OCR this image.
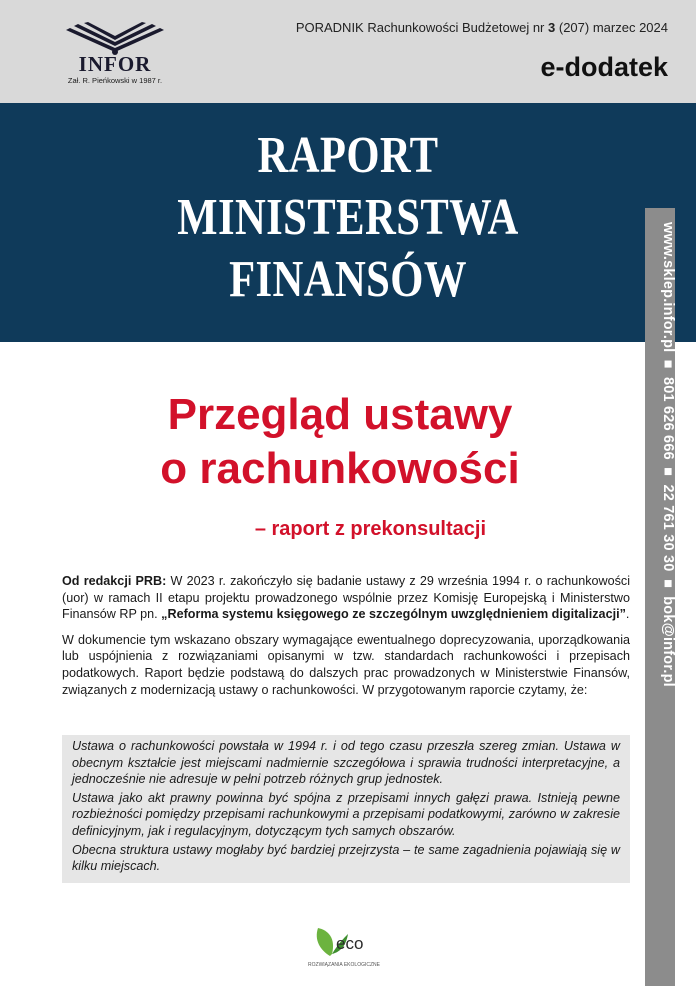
INFOR
Zał. R. Pieńkowski w 1987 r.
PORADNIK Rachunkowości Budżetowej nr 3 (207) marzec 2024
e-dodatek
RAPORT
MINISTERSTWA
FINANSÓW	www.sklep.infor.pl ■ 801 626 666 ■ 22 761 30 30 ■ bok@infor.pl
Przegląd ustawy
o rachunkowości
– raport z prekonsultacji

Od redakcji PRB: W 2023 r. zakończyło się badanie ustawy z 29 września 1994 r. o rachunkowości (uor) w ramach II etapu projektu prowadzonego wspólnie przez Komisję Europejską i Ministerstwo Finansów RP pn. „Reforma systemu księgowego ze szczególnym uwzględnieniem digitalizacji”.

W dokumencie tym wskazano obszary wymagające ewentualnego doprecyzowania, uporządkowania lub uspójnienia z rozwiązaniami opisanymi w tzw. standardach rachunkowości i przepisach podatkowych. Raport będzie podstawą do dalszych prac prowadzonych w Ministerstwie Finansów, związanych z modernizacją ustawy o rachunkowości. W przygotowanym raporcie czytamy, że:

Ustawa o rachunkowości powstała w 1994 r. i od tego czasu przeszła szereg zmian. Ustawa w obecnym kształcie jest miejscami nadmiernie szczegółowa i sprawia trudności interpretacyjne, a jednocześnie nie adresuje w pełni potrzeb różnych grup jednostek.

Ustawa jako akt prawny powinna być spójna z przepisami innych gałęzi prawa. Istnieją pewne rozbieżności pomiędzy przepisami rachunkowymi a przepisami podatkowymi, zarówno w zakresie definicyjnym, jak i regulacyjnym, dotyczącym tych samych obszarów.

Obecna struktura ustawy mogłaby być bardziej przejrzysta – te same zagadnienia pojawiają się w kilku miejscach.

eco
ROZWIĄZANIA EKOLOGICZNE
